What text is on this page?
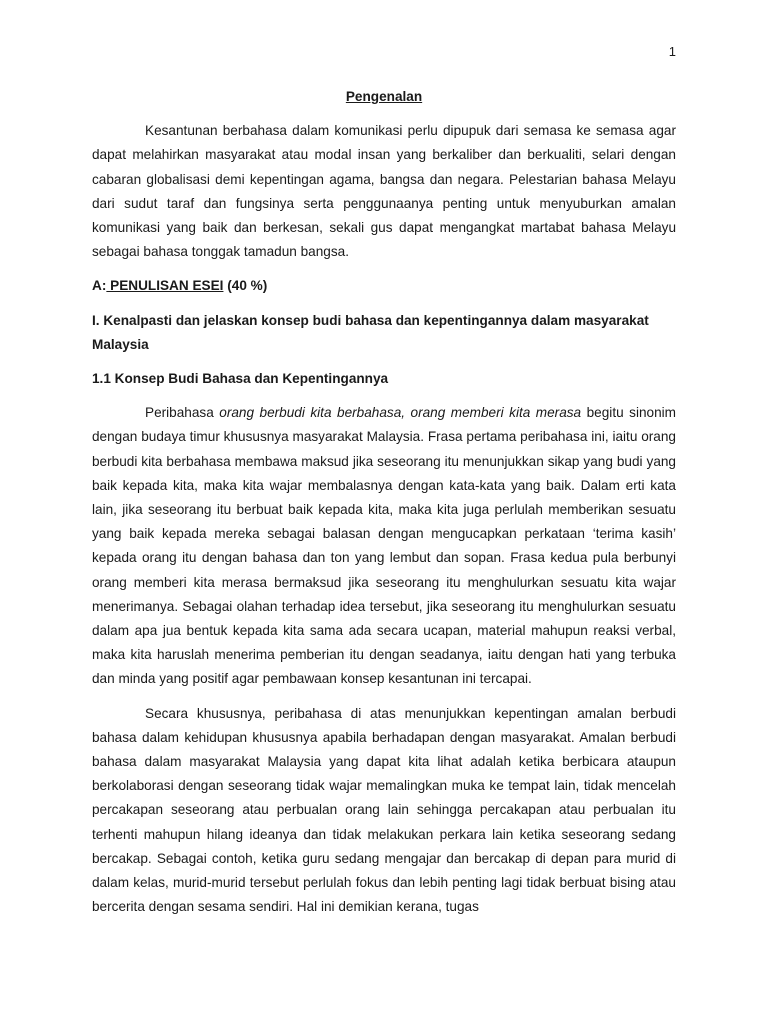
1

Pengenalan

Kesantunan berbahasa dalam komunikasi perlu dipupuk dari semasa ke semasa agar dapat melahirkan masyarakat atau modal insan yang berkaliber dan berkualiti, selari dengan cabaran globalisasi demi kepentingan agama, bangsa dan negara. Pelestarian bahasa Melayu dari sudut taraf dan fungsinya serta penggunaanya penting untuk menyuburkan amalan komunikasi yang baik dan berkesan, sekali gus dapat mengangkat martabat bahasa Melayu sebagai bahasa tonggak tamadun bangsa.

A: PENULISAN ESEI (40 %)

I. Kenalpasti dan jelaskan konsep budi bahasa dan kepentingannya dalam masyarakat Malaysia

1.1 Konsep Budi Bahasa dan Kepentingannya

Peribahasa orang berbudi kita berbahasa, orang memberi kita merasa begitu sinonim dengan budaya timur khususnya masyarakat Malaysia. Frasa pertama peribahasa ini, iaitu orang berbudi kita berbahasa membawa maksud jika seseorang itu menunjukkan sikap yang budi yang baik kepada kita, maka kita wajar membalasnya dengan kata-kata yang baik. Dalam erti kata lain, jika seseorang itu berbuat baik kepada kita, maka kita juga perlulah memberikan sesuatu yang baik kepada mereka sebagai balasan dengan mengucapkan perkataan ‘terima kasih’ kepada orang itu dengan bahasa dan ton yang lembut dan sopan. Frasa kedua pula berbunyi orang memberi kita merasa bermaksud jika seseorang itu menghulurkan sesuatu kita wajar menerimanya. Sebagai olahan terhadap idea tersebut, jika seseorang itu menghulurkan sesuatu dalam apa jua bentuk kepada kita sama ada secara ucapan, material mahupun reaksi verbal, maka kita haruslah menerima pemberian itu dengan seadanya, iaitu dengan hati yang terbuka dan minda yang positif agar pembawaan konsep kesantunan ini tercapai.

Secara khususnya, peribahasa di atas menunjukkan kepentingan amalan berbudi bahasa dalam kehidupan khususnya apabila berhadapan dengan masyarakat. Amalan berbudi bahasa dalam masyarakat Malaysia yang dapat kita lihat adalah ketika berbicara ataupun berkolaborasi dengan seseorang tidak wajar memalingkan muka ke tempat lain, tidak mencelah percakapan seseorang atau perbualan orang lain sehingga percakapan atau perbualan itu terhenti mahupun hilang ideanya dan tidak melakukan perkara lain ketika seseorang sedang bercakap. Sebagai contoh, ketika guru sedang mengajar dan bercakap di depan para murid di dalam kelas, murid-murid tersebut perlulah fokus dan lebih penting lagi tidak berbuat bising atau bercerita dengan sesama sendiri. Hal ini demikian kerana, tugas
